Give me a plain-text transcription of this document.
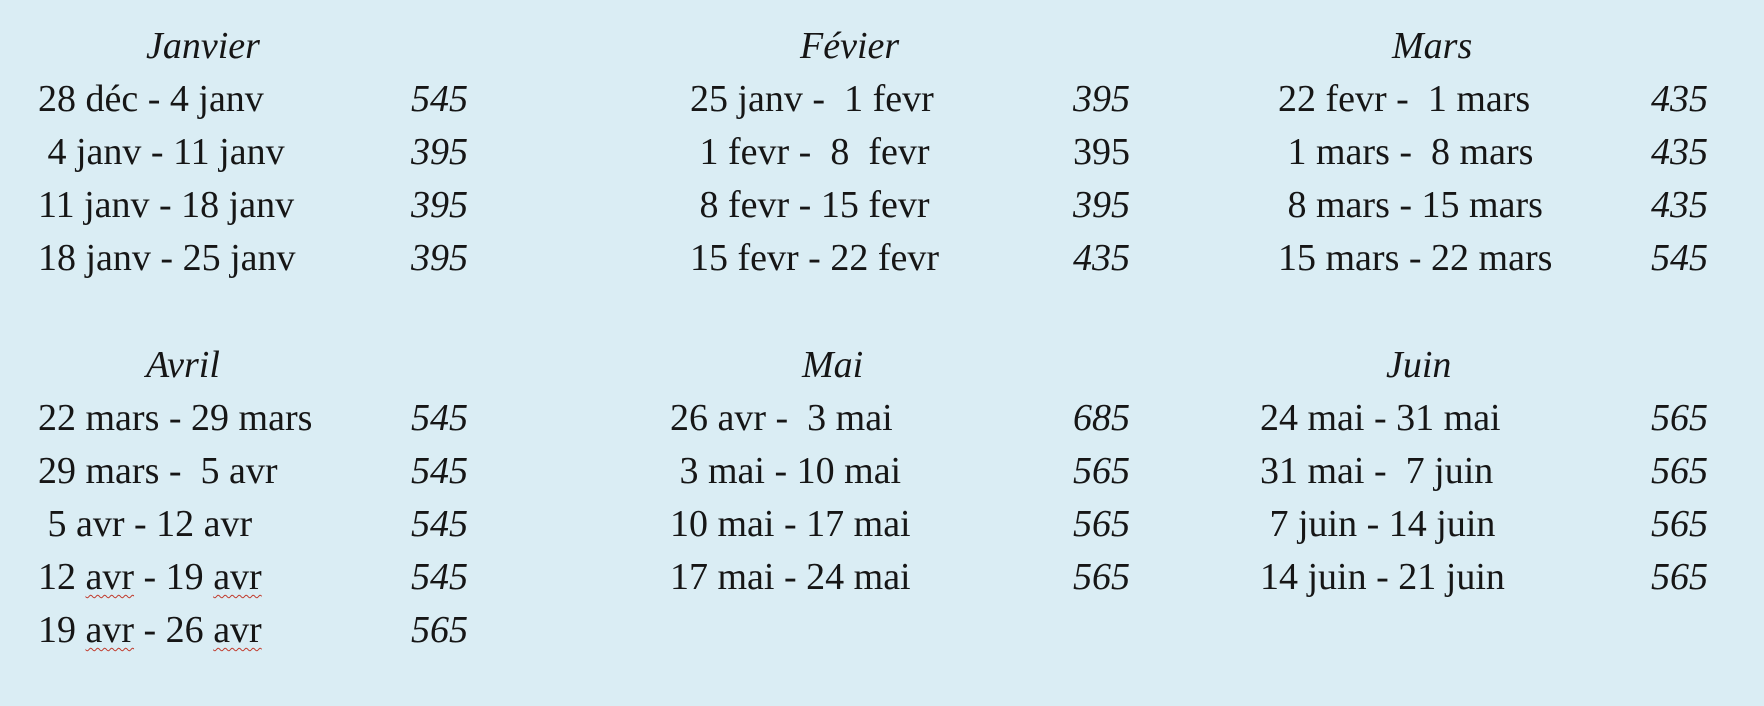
Janvier
28 déc - 4 janv	545
4 janv - 11 janv	395
11 janv - 18 janv	395
18 janv - 25 janv	395
Févier
25 janv -  1 fevr	395
1 fevr -  8  fevr	395
8 fevr - 15 fevr	395
15 fevr - 22 fevr	435
Mars
22 fevr -  1 mars	435
1 mars -  8 mars	435
8 mars - 15 mars	435
15 mars - 22 mars	545
Avril
22 mars - 29 mars	545
29 mars -  5 avr	545
5 avr - 12 avr	545
12 avr - 19 avr	545
19 avr - 26 avr	565
Mai
26 avr -  3 mai	685
3 mai - 10 mai	565
10 mai - 17 mai	565
17 mai - 24 mai	565
Juin
24 mai - 31 mai	565
31 mai -  7 juin	565
7 juin - 14 juin	565
14 juin - 21 juin	565
